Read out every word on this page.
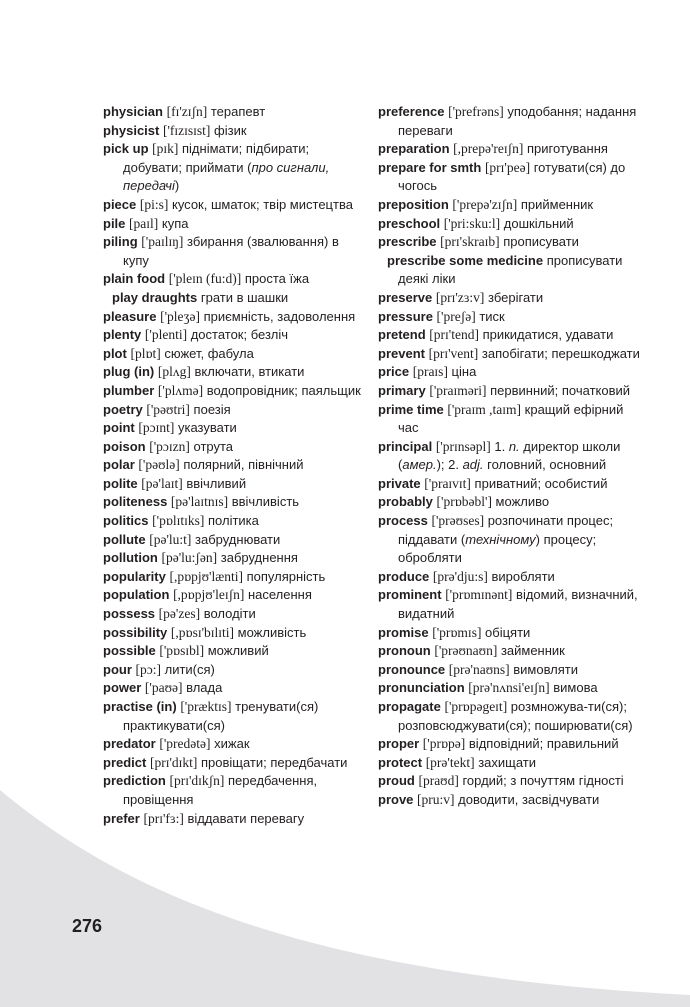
physician [fɪ'zɪʃn] терапевт
physicist ['fɪzɪsɪst] фізик
pick up [pɪk] піднімати; підбирати; добувати; приймати (про сигнали, передачі)
piece [pi:s] кусок, шматок; твір мистецтва
pile [paɪl] купа
piling ['paɪlɪŋ] збирання (звалювання) в купу
plain food ['pleɪn (fu:d)] проста їжа
play draughts грати в шашки
pleasure ['pleʒə] приємність, задоволення
plenty ['plenti] достаток; безліч
plot [plɒt] сюжет, фабула
plug (in) [plʌg] включати, втикати
plumber ['plʌmə] водопровідник; паяльщик
poetry ['pəʊtri] поезія
point [pɔɪnt] указувати
poison ['pɔɪzn] отрута
polar ['pəʊlə] полярний, північний
polite [pə'laɪt] ввічливий
politeness [pə'laɪtnɪs] ввічливість
politics ['pɒlɪtɪks] політика
pollute [pə'lu:t] забруднювати
pollution [pə'lu:ʃən] забруднення
popularity [,pɒpjʊ'lænti] популярність
population [,pɒpjʊ'leɪʃn] населення
possess [pə'zes] володіти
possibility [,pɒsɪ'bɪlɪti] можливість
possible ['pɒsɪbl] можливий
pour [pɔ:] лити(ся)
power ['paʊə] влада
practise (in) ['præktɪs] тренувати(ся) практикувати(ся)
predator ['predətə] хижак
predict [prɪ'dɪkt] провіщати; передбачати
prediction [prɪ'dɪkʃn] передбачення, провіщення
prefer [prɪ'fɜ:] віддавати перевагу
preference ['prefrəns] уподобання; надання переваги
preparation [,prepə'reɪʃn] приготування
prepare for smth [prɪ'peə] готувати(ся) до чогось
preposition ['prepə'zɪʃn] прийменник
preschool ['pri:sku:l] дошкільний
prescribe [prɪ'skraɪb] прописувати
prescribe some medicine прописувати деякі ліки
preserve [prɪ'zɜ:v] зберігати
pressure ['preʃə] тиск
pretend [prɪ'tend] прикидатися, удавати
prevent [prɪ'vent] запобігати; перешкоджати
price [praɪs] ціна
primary ['praɪməri] первинний; початковий
prime time ['praɪm ,taɪm] кращий ефірний час
principal ['prɪnsəpl] 1. n. директор школи (амер.); 2. adj. головний, основний
private ['praɪvɪt] приватний; особистий
probably ['prɒbəbl'] можливо
process ['prəʊses] розпочинати процес; піддавати (технічному) процесу; обробляти
produce [prə'dju:s] виробляти
prominent ['prɒmɪnənt] відомий, визначний, видатний
promise ['prɒmɪs] обіцяти
pronoun ['prəʊnaʊn] займенник
pronounce [prə'naʊns] вимовляти
pronunciation [prə'nʌnsi'eɪʃn] вимова
propagate ['prɒpəgeɪt] розмножува-ти(ся); розповсюджувати(ся); поширювати(ся)
proper ['prɒpə] відповідний; правильний
protect [prə'tekt] захищати
proud [praʊd] гордий; з почуттям гідності
prove [pru:v] доводити, засвідчувати
276
